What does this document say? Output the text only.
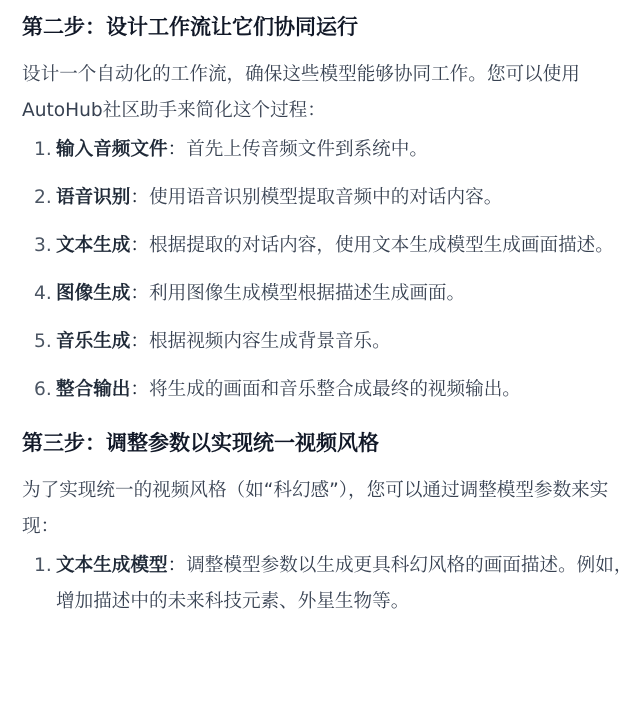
第二步：设计工作流让它们协同运行

设计一个自动化的工作流，确保这些模型能够协同工作。您可以使用AutoHub社区助手来简化这个过程：

1. 输入音频文件：首先上传音频文件到系统中。
2. 语音识别：使用语音识别模型提取音频中的对话内容。
3. 文本生成：根据提取的对话内容，使用文本生成模型生成画面描述。
4. 图像生成：利用图像生成模型根据描述生成画面。
5. 音乐生成：根据视频内容生成背景音乐。
6. 整合输出：将生成的画面和音乐整合成最终的视频输出。
第三步：调整参数以实现统一视频风格

为了实现统一的视频风格（如“科幻感”），您可以通过调整模型参数来实现：

1. 文本生成模型：调整模型参数以生成更具科幻风格的画面描述。例如，增加描述中的未来科技元素、外星生物等。
